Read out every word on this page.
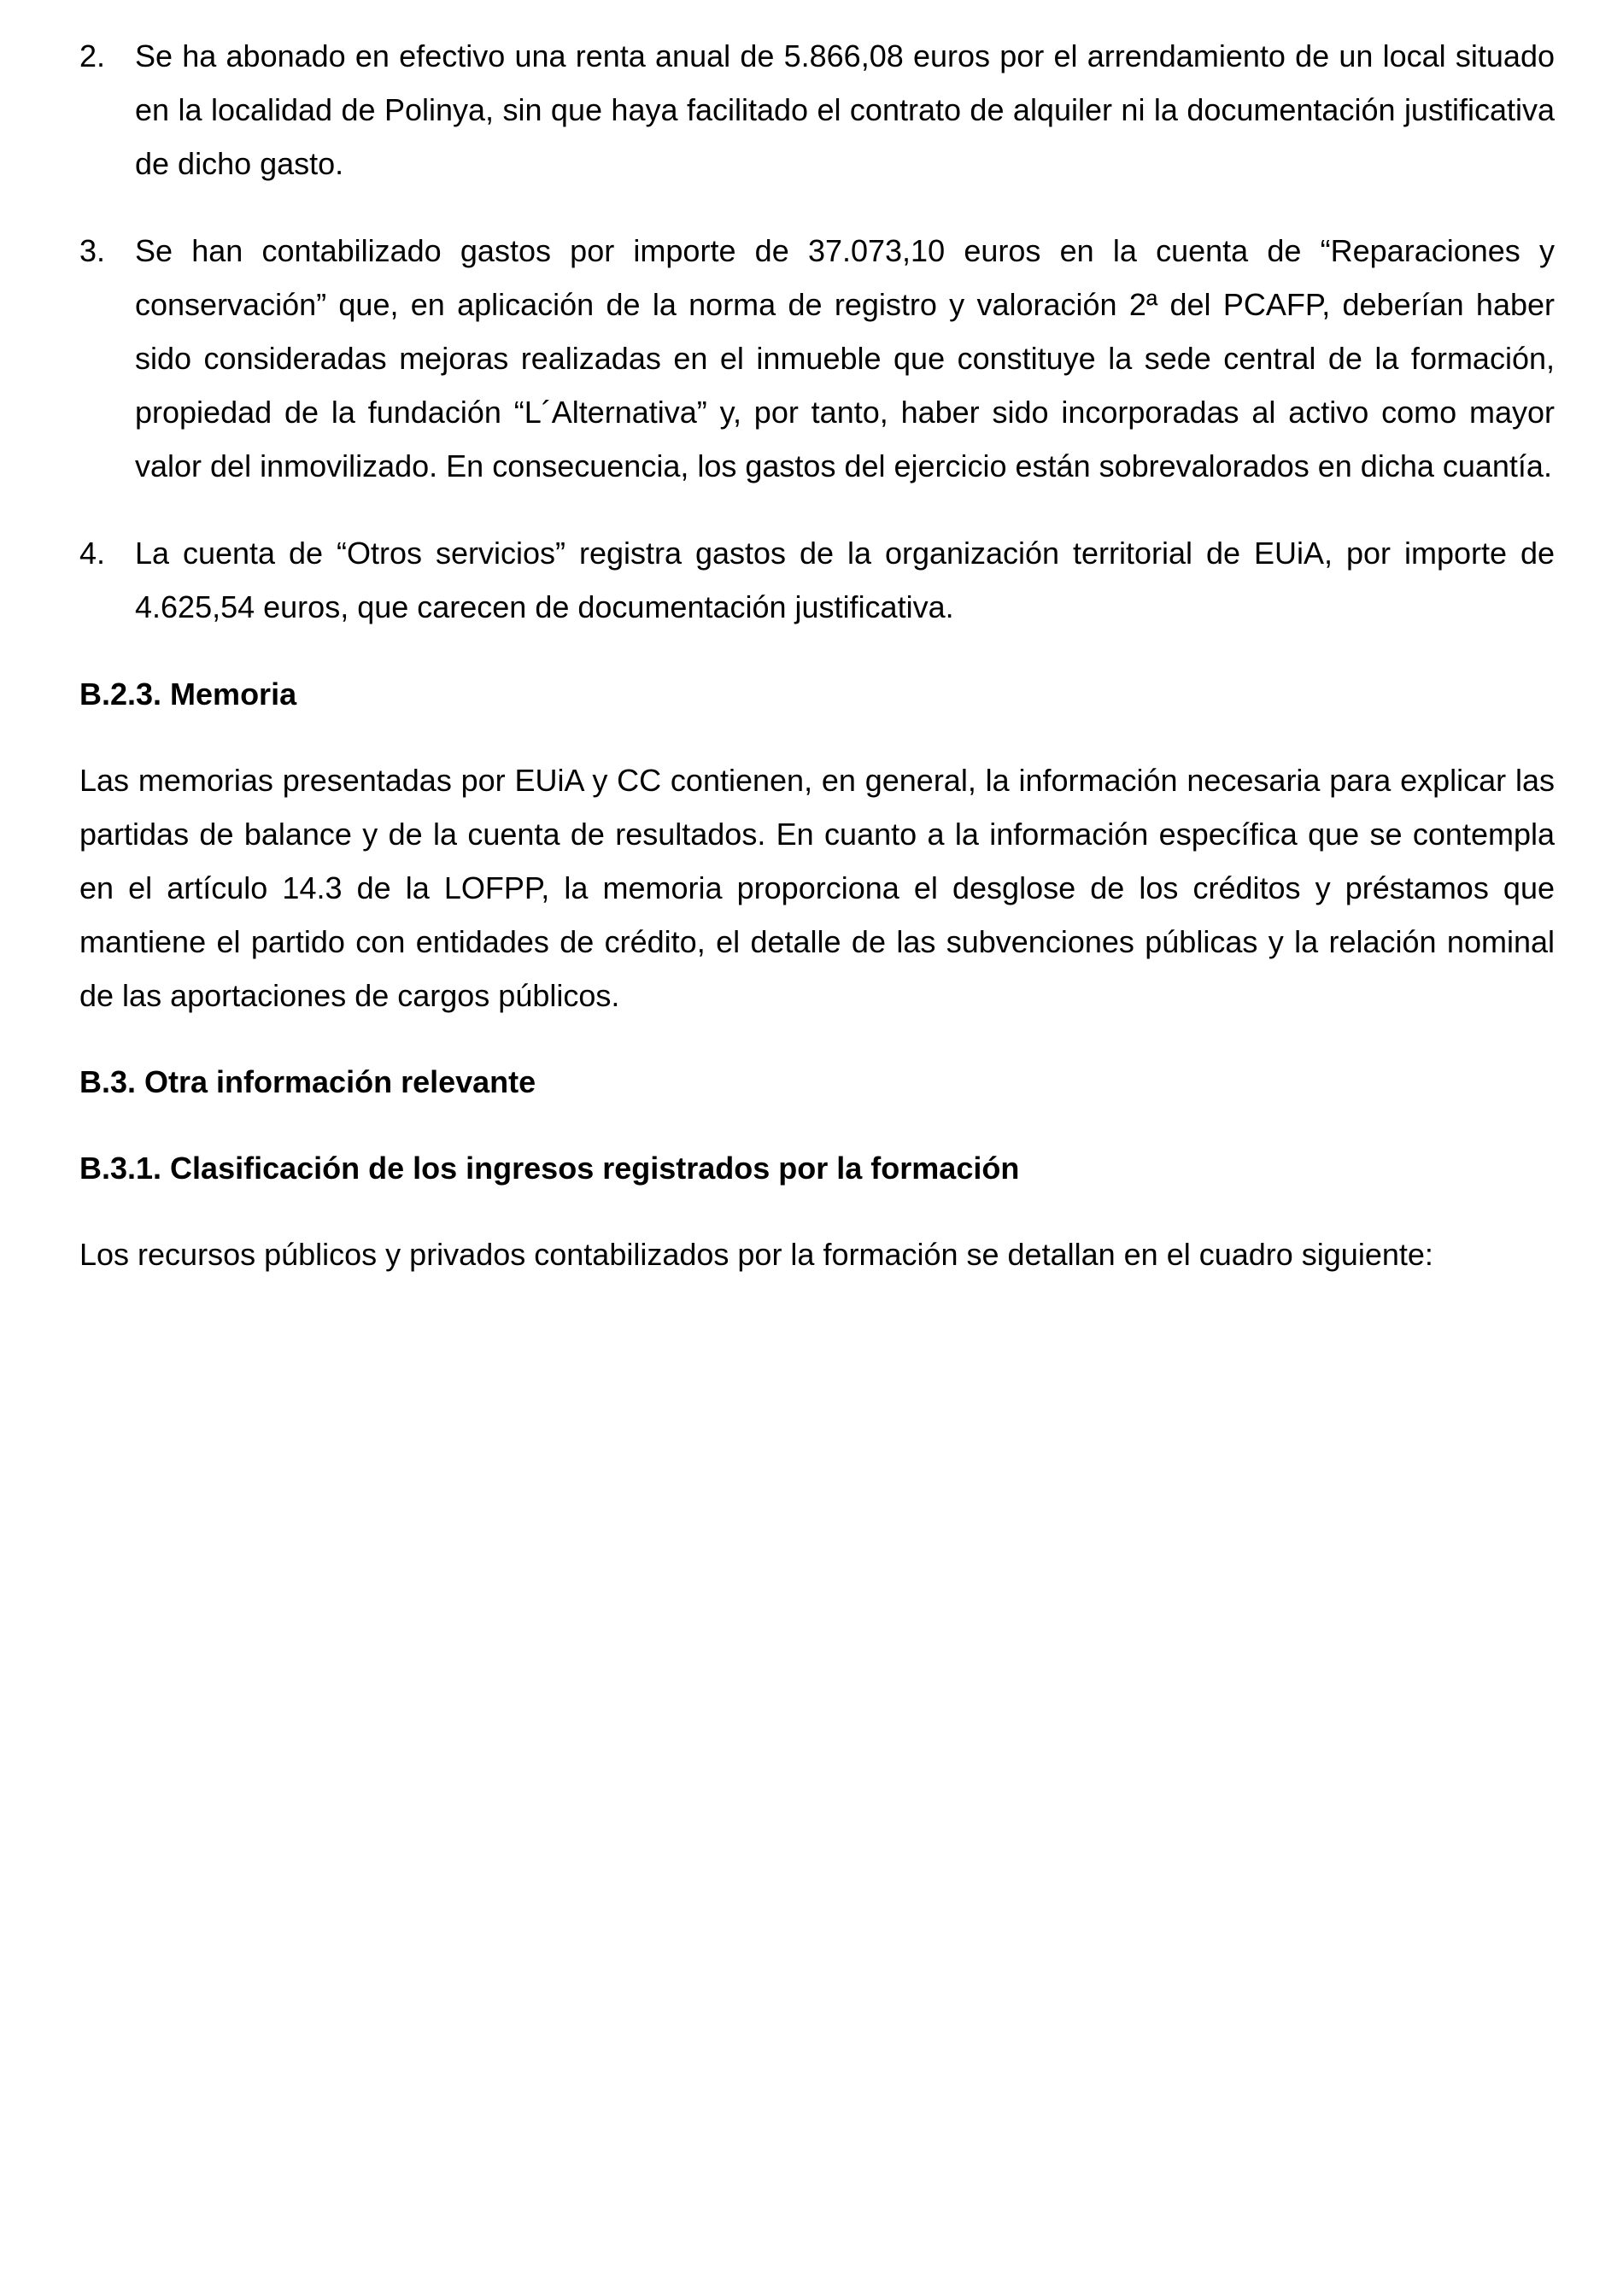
2. Se ha abonado en efectivo una renta anual de 5.866,08 euros por el arrendamiento de un local situado en la localidad de Polinya, sin que haya facilitado el contrato de alquiler ni la documentación justificativa de dicho gasto.
3. Se han contabilizado gastos por importe de 37.073,10 euros en la cuenta de “Reparaciones y conservación” que, en aplicación de la norma de registro y valoración 2ª del PCAFP, deberían haber sido consideradas mejoras realizadas en el inmueble que constituye la sede central de la formación, propiedad de la fundación “L´Alternativa” y, por tanto, haber sido incorporadas al activo como mayor valor del inmovilizado. En consecuencia, los gastos del ejercicio están sobrevalorados en dicha cuantía.
4. La cuenta de “Otros servicios” registra gastos de la organización territorial de EUiA, por importe de 4.625,54 euros, que carecen de documentación justificativa.
B.2.3. Memoria
Las memorias presentadas por EUiA y CC contienen, en general, la información necesaria para explicar las partidas de balance y de la cuenta de resultados. En cuanto a la información específica que se contempla en el artículo 14.3 de la LOFPP, la memoria proporciona el desglose de los créditos y préstamos que mantiene el partido con entidades de crédito, el detalle de las subvenciones públicas y la relación nominal de las aportaciones de cargos públicos.
B.3. Otra información relevante
B.3.1. Clasificación de los ingresos registrados por la formación
Los recursos públicos y privados contabilizados por la formación se detallan en el cuadro siguiente:
